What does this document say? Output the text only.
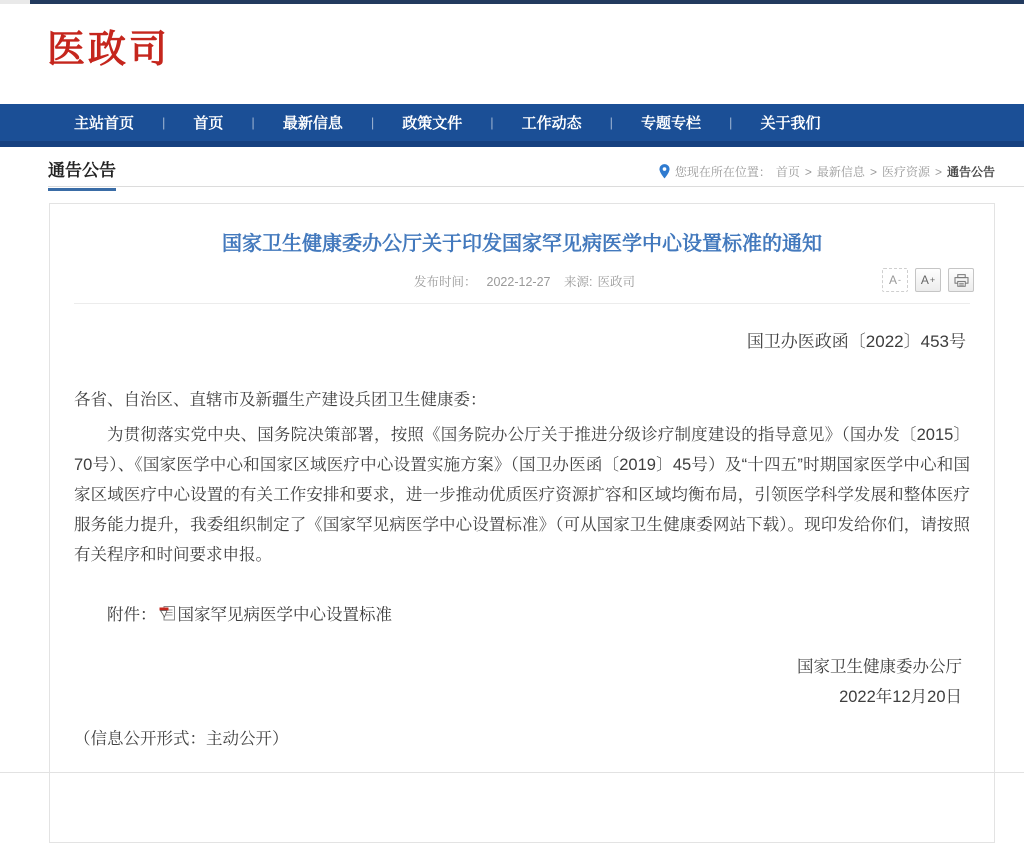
医政司
主站首页	|	首页	|	最新信息	|	政策文件	|	工作动态	|	专题专栏	|	关于我们
通告公告	您现在所在位置： 首页 > 最新信息 > 医疗资源 > 通告公告
国家卫生健康委办公厅关于印发国家罕见病医学中心设置标准的通知
发布时间： 2022-12-27 来源: 医政司	A - A +
国卫办医政函〔2022〕453号
各省、自治区、直辖市及新疆生产建设兵团卫生健康委：

为贯彻落实党中央、国务院决策部署，按照《国务院办公厅关于推进分级诊疗制度建设的指导意见》（国办发〔2015〕70号）、《国家医学中心和国家区域医疗中心设置实施方案》（国卫办医函〔2019〕45号）及“十四五”时期国家医学中心和国家区域医疗中心设置的有关工作安排和要求，进一步推动优质医疗资源扩容和区域均衡布局，引领医学科学发展和整体医疗服务能力提升，我委组织制定了《国家罕见病医学中心设置标准》（可从国家卫生健康委网站下载）。现印发给你们，请按照有关程序和时间要求申报。

附件： 国家罕见病医学中心设置标准
国家卫生健康委办公厅
2022年12月20日
（信息公开形式：主动公开）
